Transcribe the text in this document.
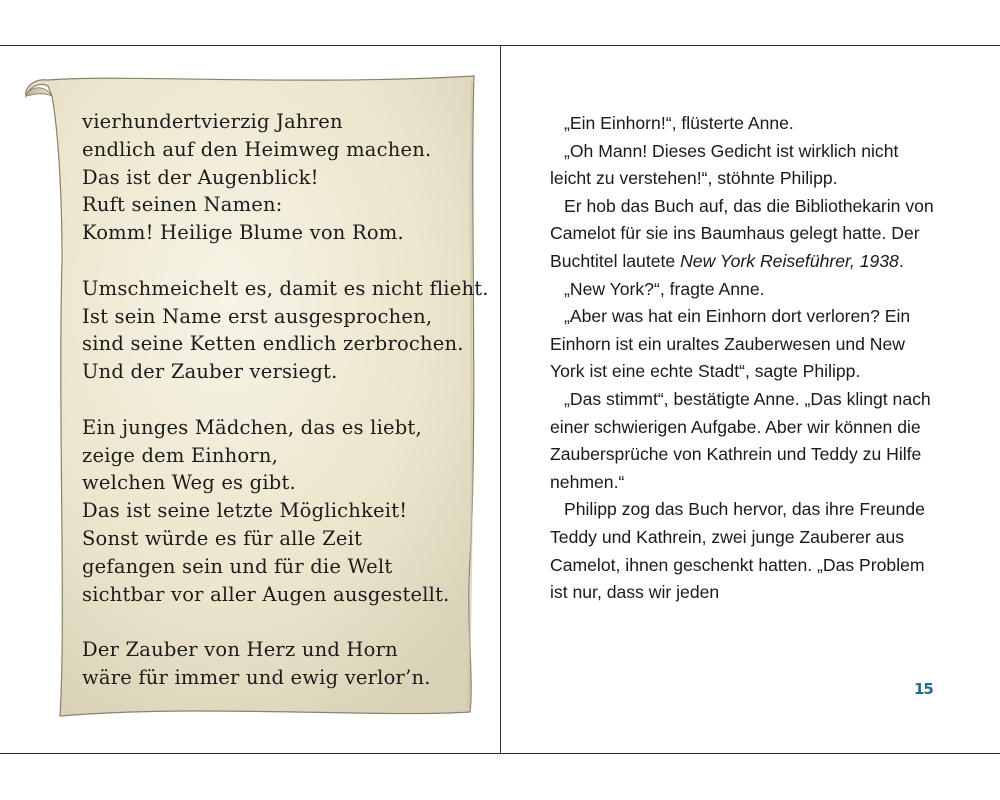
vierhundertvierzig Jahren
endlich auf den Heimweg machen.
Das ist der Augenblick!
Ruft seinen Namen:
Komm! Heilige Blume von Rom.
Umschmeichelt es, damit es nicht flieht.
Ist sein Name erst ausgesprochen,
sind seine Ketten endlich zerbrochen.
Und der Zauber versiegt.
Ein junges Mädchen, das es liebt,
zeige dem Einhorn,
welchen Weg es gibt.
Das ist seine letzte Möglichkeit!
Sonst würde es für alle Zeit
gefangen sein und für die Welt
sichtbar vor aller Augen ausgestellt.
Der Zauber von Herz und Horn
wäre für immer und ewig verlor’n.

„Ein Einhorn!“, flüsterte Anne.

„Oh Mann! Dieses Gedicht ist wirklich nicht leicht zu verstehen!“, stöhnte Philipp.

Er hob das Buch auf, das die Bibliothekarin von Camelot für sie ins Baumhaus gelegt hatte. Der Buchtitel lautete New York Reiseführer, 1938.

„New York?“, fragte Anne.

„Aber was hat ein Einhorn dort verloren? Ein Einhorn ist ein uraltes Zauberwesen und New York ist eine echte Stadt“, sagte Philipp.

„Das stimmt“, bestätigte Anne. „Das klingt nach einer schwierigen Aufgabe. Aber wir können die Zaubersprüche von Kathrein und Teddy zu Hilfe nehmen.“

Philipp zog das Buch hervor, das ihre Freunde Teddy und Kathrein, zwei junge Zauberer aus Camelot, ihnen geschenkt hatten. „Das Problem ist nur, dass wir jeden

15
